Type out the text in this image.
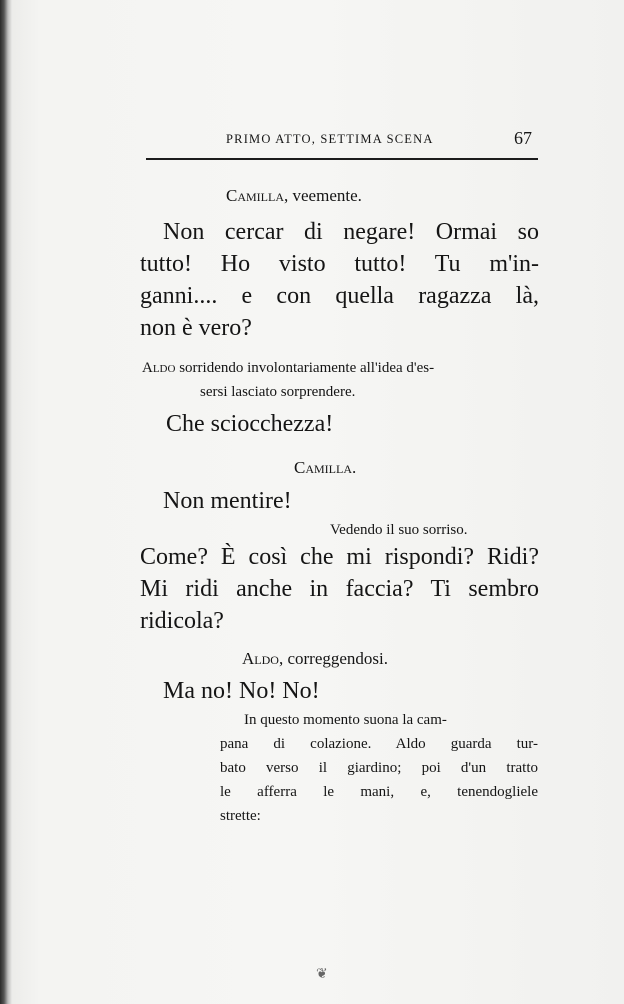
PRIMO ATTO, SETTIMA SCENA	67
Camilla, veemente.
Non cercar di negare! Ormai so
tutto! Ho visto tutto! Tu m'in-
ganni.... e con quella ragazza là,
non è vero?
Aldo sorridendo involontariamente all'idea d'es-
sersi lasciato sorprendere.
Che sciocchezza!
Camilla.
Non mentire!
Vedendo il suo sorriso.
Come? È così che mi rispondi? Ridi?
Mi ridi anche in faccia? Ti sembro
ridicola?
Aldo, correggendosi.
Ma no! No! No!
In questo momento suona la cam-
pana di colazione. Aldo guarda tur-
bato verso il giardino; poi d'un tratto
le afferra le mani, e, tenendogliele
strette:
❦
